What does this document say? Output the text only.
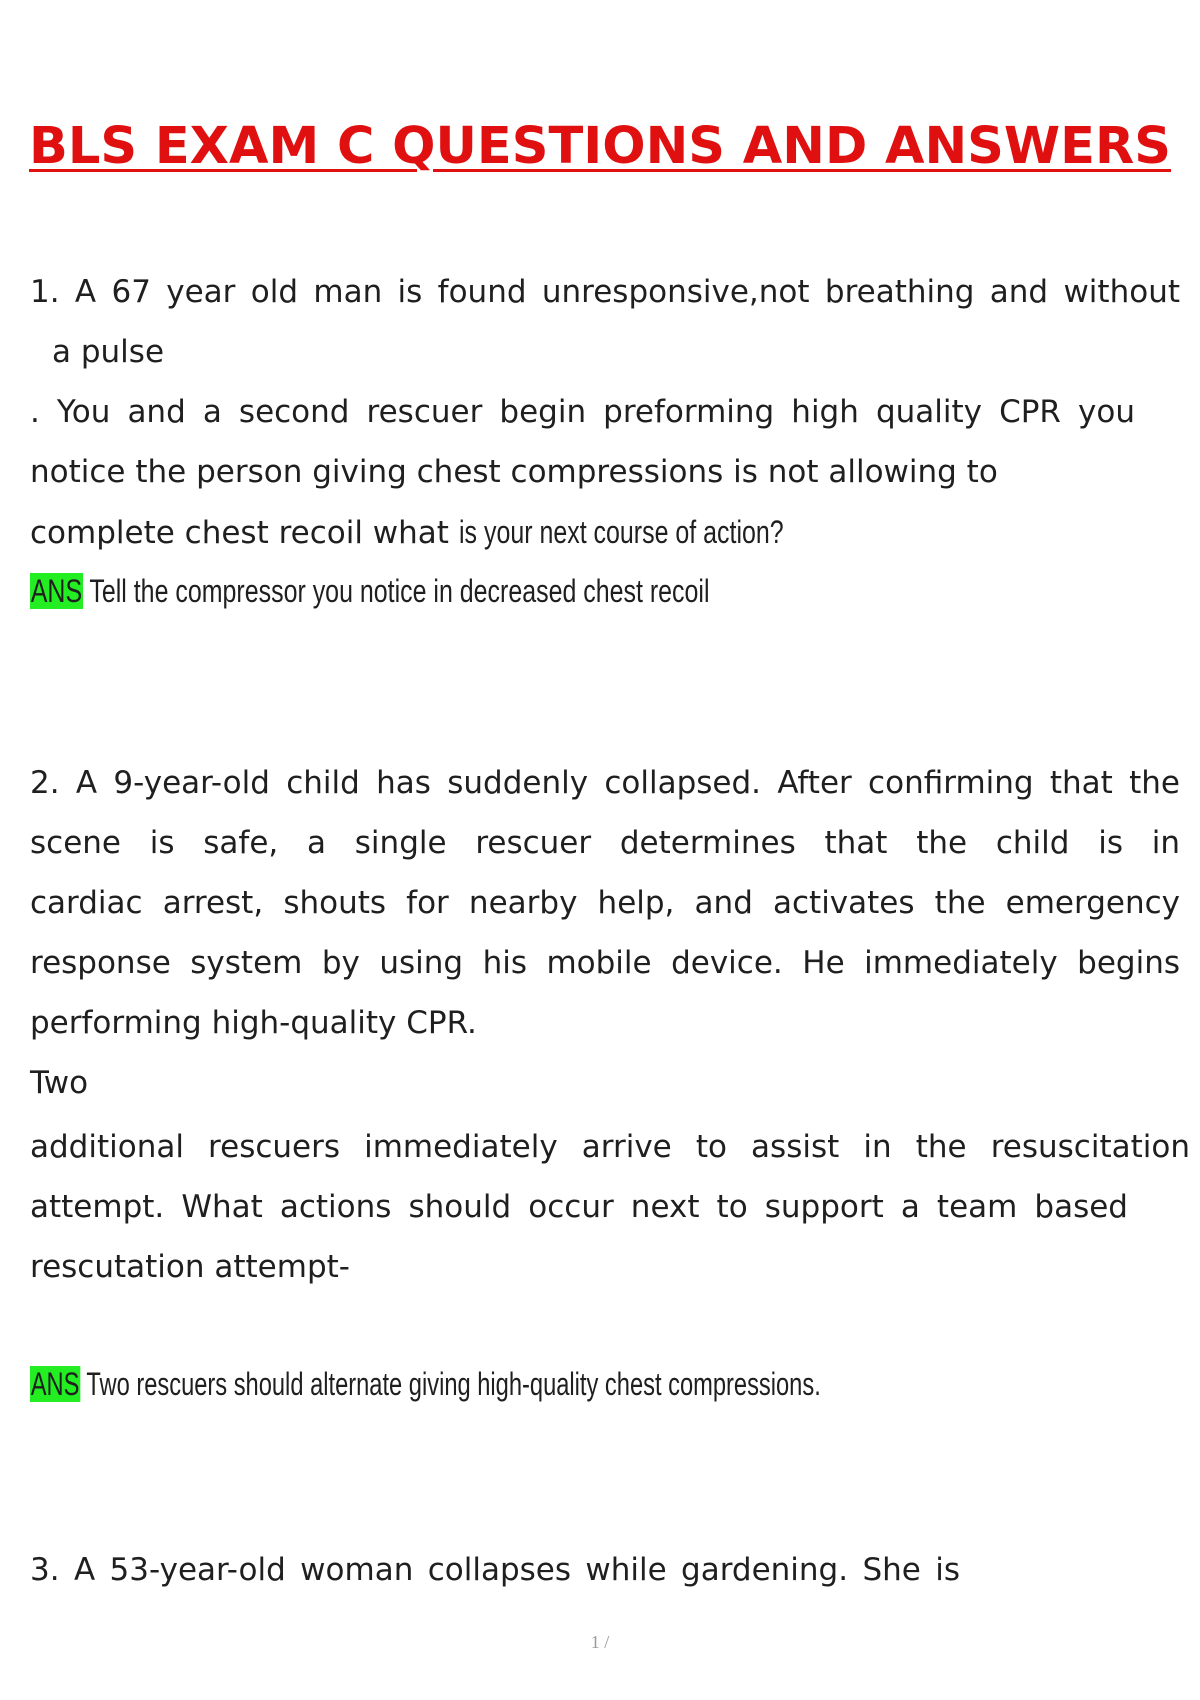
BLS EXAM C QUESTIONS AND ANSWERS
1. A 67 year old man is found unresponsive,not breathing and without
a pulse
. You and a second rescuer begin preforming high quality CPR you
notice the person giving chest compressions is not allowing to
complete chest recoil what is your next course of action?
ANS Tell the compressor you notice in decreased chest recoil
2. A 9-year-old child has suddenly collapsed. After confirming that the
scene is safe, a single rescuer determines that the child is in
cardiac arrest, shouts for nearby help, and activates the emergency
response system by using his mobile device. He immediately begins
performing high-quality CPR.
Two
additional rescuers immediately arrive to assist in the resuscitation
attempt. What actions should occur next to support a team based
rescutation attempt-
ANS Two rescuers should alternate giving high-quality chest compressions.
3. A 53-year-old woman collapses while gardening. She is
1 /
